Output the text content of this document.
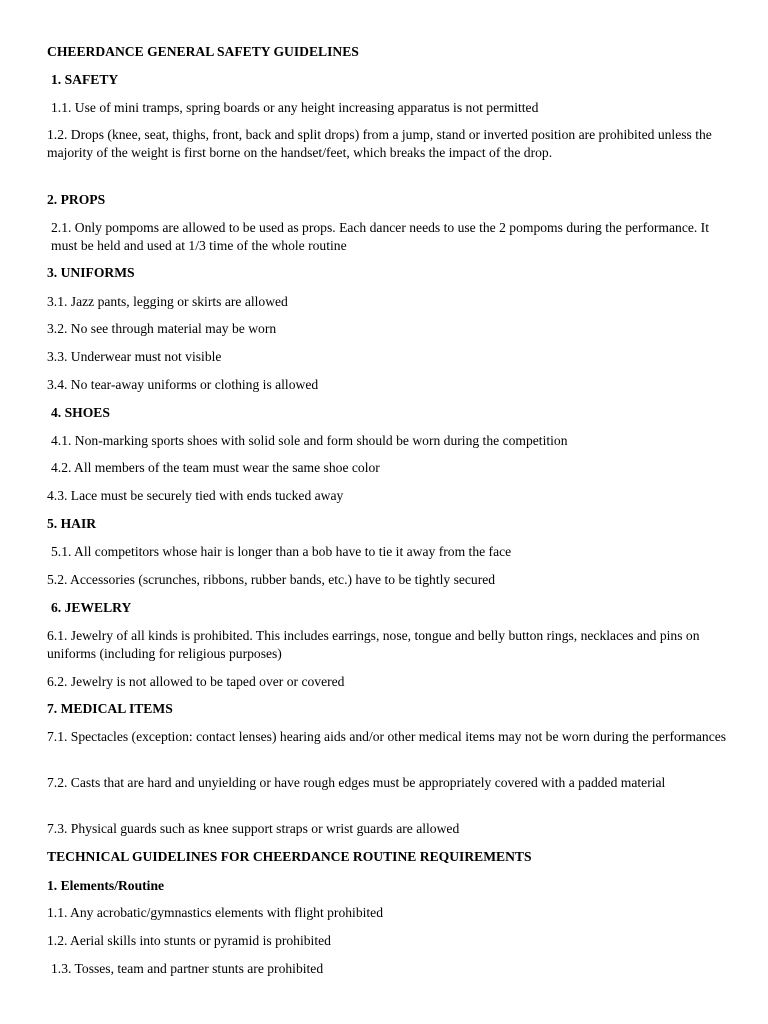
CHEERDANCE GENERAL SAFETY GUIDELINES
1. SAFETY
1.1. Use of mini tramps, spring boards or any height increasing apparatus is not permitted
1.2. Drops (knee, seat, thighs, front, back and split drops) from a jump, stand or inverted position are prohibited unless the majority of the weight is first borne on the handset/feet, which breaks the impact of the drop.
2. PROPS
2.1. Only pompoms are allowed to be used as props. Each dancer needs to use the 2 pompoms during the performance. It must be held and used at 1/3 time of the whole routine
3. UNIFORMS
3.1. Jazz pants, legging or skirts are allowed
3.2. No see through material may be worn
3.3. Underwear must not visible
3.4. No tear-away uniforms or clothing is allowed
4. SHOES
4.1. Non-marking sports shoes with solid sole and form should be worn during the competition
4.2. All members of the team must wear the same shoe color
4.3. Lace must be securely tied with ends tucked away
5. HAIR
5.1. All competitors whose hair is longer than a bob have to tie it away from the face
5.2. Accessories (scrunches, ribbons, rubber bands, etc.) have to be tightly secured
6. JEWELRY
6.1. Jewelry of all kinds is prohibited. This includes earrings, nose, tongue and belly button rings, necklaces and pins on uniforms (including for religious purposes)
6.2. Jewelry is not allowed to be taped over or covered
7. MEDICAL ITEMS
7.1. Spectacles (exception: contact lenses) hearing aids and/or other medical items may not be worn during the performances
7.2. Casts that are hard and unyielding or have rough edges must be appropriately covered with a padded material
7.3. Physical guards such as knee support straps or wrist guards are allowed
TECHNICAL GUIDELINES FOR CHEERDANCE ROUTINE REQUIREMENTS
1. Elements/Routine
1.1. Any acrobatic/gymnastics elements with flight prohibited
1.2. Aerial skills into stunts or pyramid is prohibited
1.3. Tosses, team and partner stunts are prohibited
